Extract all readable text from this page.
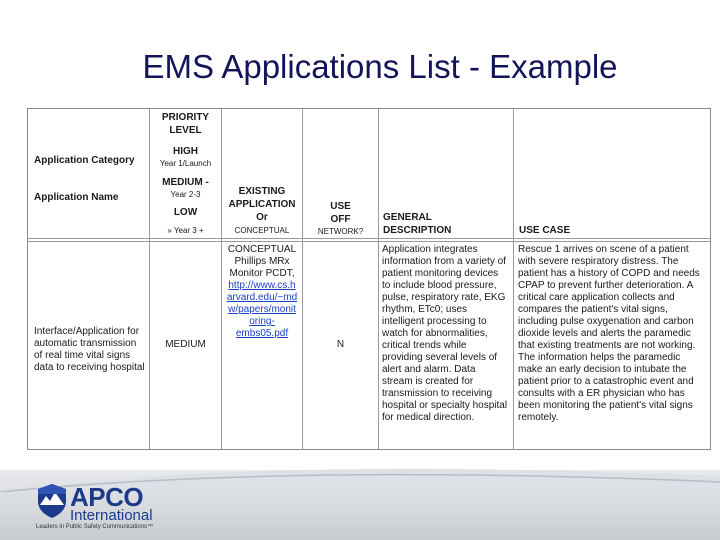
EMS Applications List - Example
Application Category
Application Name
PRIORITY
LEVEL
HIGH
Year 1/Launch
MEDIUM -
Year 2-3
LOW
» Year 3 +
EXISTING
APPLICATION
Or
CONCEPTUAL
USE
OFF
NETWORK?
GENERAL
DESCRIPTION	USE CASE
Interface/Application for
automatic transmission
of real time vital signs
data to receiving hospital
MEDIUM
CONCEPTUAL
Phillips MRx
Monitor PCDT,
http://www.cs.h
arvard.edu/~md
w/papers/monit
oring-
embs05.pdf
N
Application integrates
information from a variety of
patient monitoring devices
to include blood pressure,
pulse, respiratory rate, EKG
rhythm, ETc0; uses
intelligent processing to
watch for abnormalities,
critical trends while
providing several levels of
alert and alarm. Data
stream is created for
transmission to receiving
hospital or specialty hospital
for medical direction.
Rescue 1 arrives on scene of a patient
with severe respiratory distress. The
patient has a history of COPD and needs
CPAP to prevent further deterioration. A
critical care application collects and
compares the patient's vital signs,
including pulse oxygenation and carbon
dioxide levels and alerts the paramedic
that existing treatments are not working.
The information helps the paramedic
make an early decision to intubate the
patient prior to a catastrophic event and
consults with a ER physician who has
been monitoring the patient's vital signs
remotely.
APCO
International
Leaders in Public Safety Communications™
